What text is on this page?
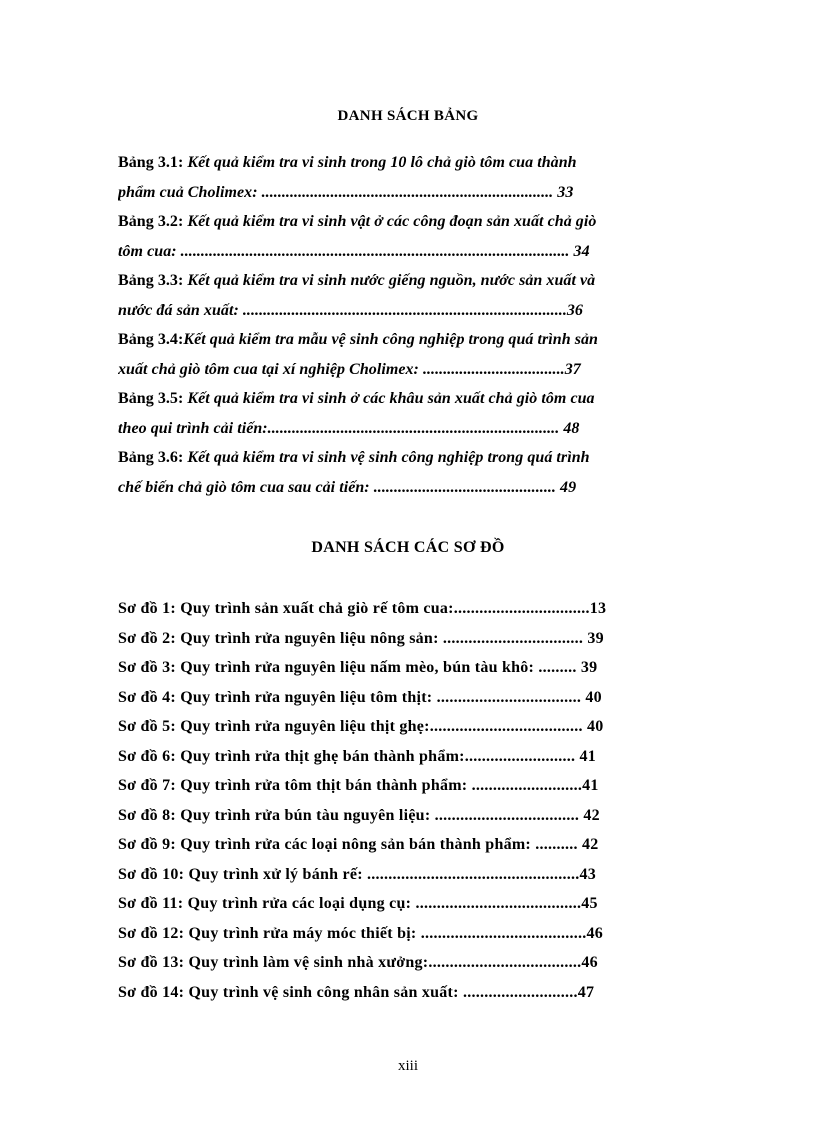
DANH SÁCH BẢNG
Bảng 3.1: Kết quả kiểm tra vi sinh trong 10 lô chả giò tôm cua thành
phẩm cuả Cholimex: ........................................................................ 33
Bảng 3.2: Kết quả kiểm tra vi sinh vật ở các công đoạn sản xuất chả giò
tôm cua: ................................................................................................ 34
Bảng 3.3: Kết quả kiểm tra vi sinh nước giếng nguồn, nước sản xuất và
nước đá sản xuất: ................................................................................36
Bảng 3.4:Kết quả kiểm tra mẫu vệ sinh công nghiệp trong quá trình sản
xuất chả giò tôm cua tại xí nghiệp Cholimex: ...................................37
Bảng 3.5: Kết quả kiểm tra vi sinh ở các khâu sản xuất chả giò tôm cua
theo qui trình cải tiến:........................................................................ 48
Bảng 3.6: Kết quả kiểm tra vi sinh vệ sinh công nghiệp trong quá trình
chế biến chả giò tôm cua sau cải tiến: ............................................. 49
DANH SÁCH CÁC SƠ ĐỒ
Sơ đồ 1: Quy trình sản xuất chả giò rế tôm cua:................................13
Sơ đồ 2: Quy trình rửa nguyên liệu nông sản: ................................. 39
Sơ đồ 3: Quy trình rửa nguyên liệu nấm mèo, bún tàu khô: ......... 39
Sơ đồ 4: Quy trình rửa nguyên liệu tôm thịt: .................................. 40
Sơ đồ 5: Quy trình rửa nguyên liệu thịt ghẹ:.................................... 40
Sơ đồ 6: Quy trình rửa thịt ghẹ bán thành phẩm:.......................... 41
Sơ đồ 7: Quy trình rửa tôm thịt bán thành phẩm: ..........................41
Sơ đồ 8: Quy trình rửa bún tàu nguyên liệu: .................................. 42
Sơ đồ 9: Quy trình rửa các loại nông sản bán thành phẩm: .......... 42
Sơ đồ 10: Quy trình xử lý bánh rế: ..................................................43
Sơ đồ 11: Quy trình rửa các loại dụng cụ: .......................................45
Sơ đồ 12: Quy trình rửa máy móc thiết bị: .......................................46
Sơ đồ 13: Quy trình làm vệ sinh nhà xưởng:....................................46
Sơ đồ 14: Quy trình vệ sinh công nhân sản xuất: ...........................47
xiii
